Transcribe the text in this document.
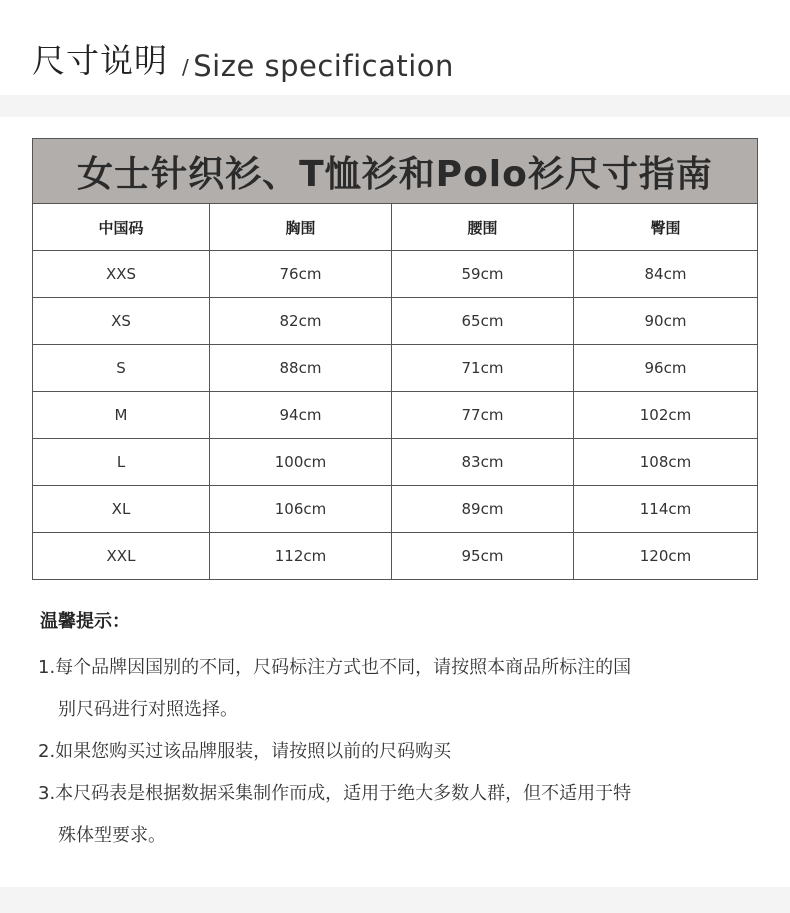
尺寸说明 / Size specification
女士针织衫、T恤衫和Polo衫尺寸指南			
中国码	胸围	腰围	臀围
XXS	76cm	59cm	84cm
XS	82cm	65cm	90cm
S	88cm	71cm	96cm
M	94cm	77cm	102cm
L	100cm	83cm	108cm
XL	106cm	89cm	114cm
XXL	112cm	95cm	120cm
温馨提示：

1.每个品牌因国别的不同，尺码标注方式也不同，请按照本商品所标注的国
别尺码进行对照选择。

2.如果您购买过该品牌服装，请按照以前的尺码购买

3.本尺码表是根据数据采集制作而成，适用于绝大多数人群，但不适用于特
殊体型要求。
